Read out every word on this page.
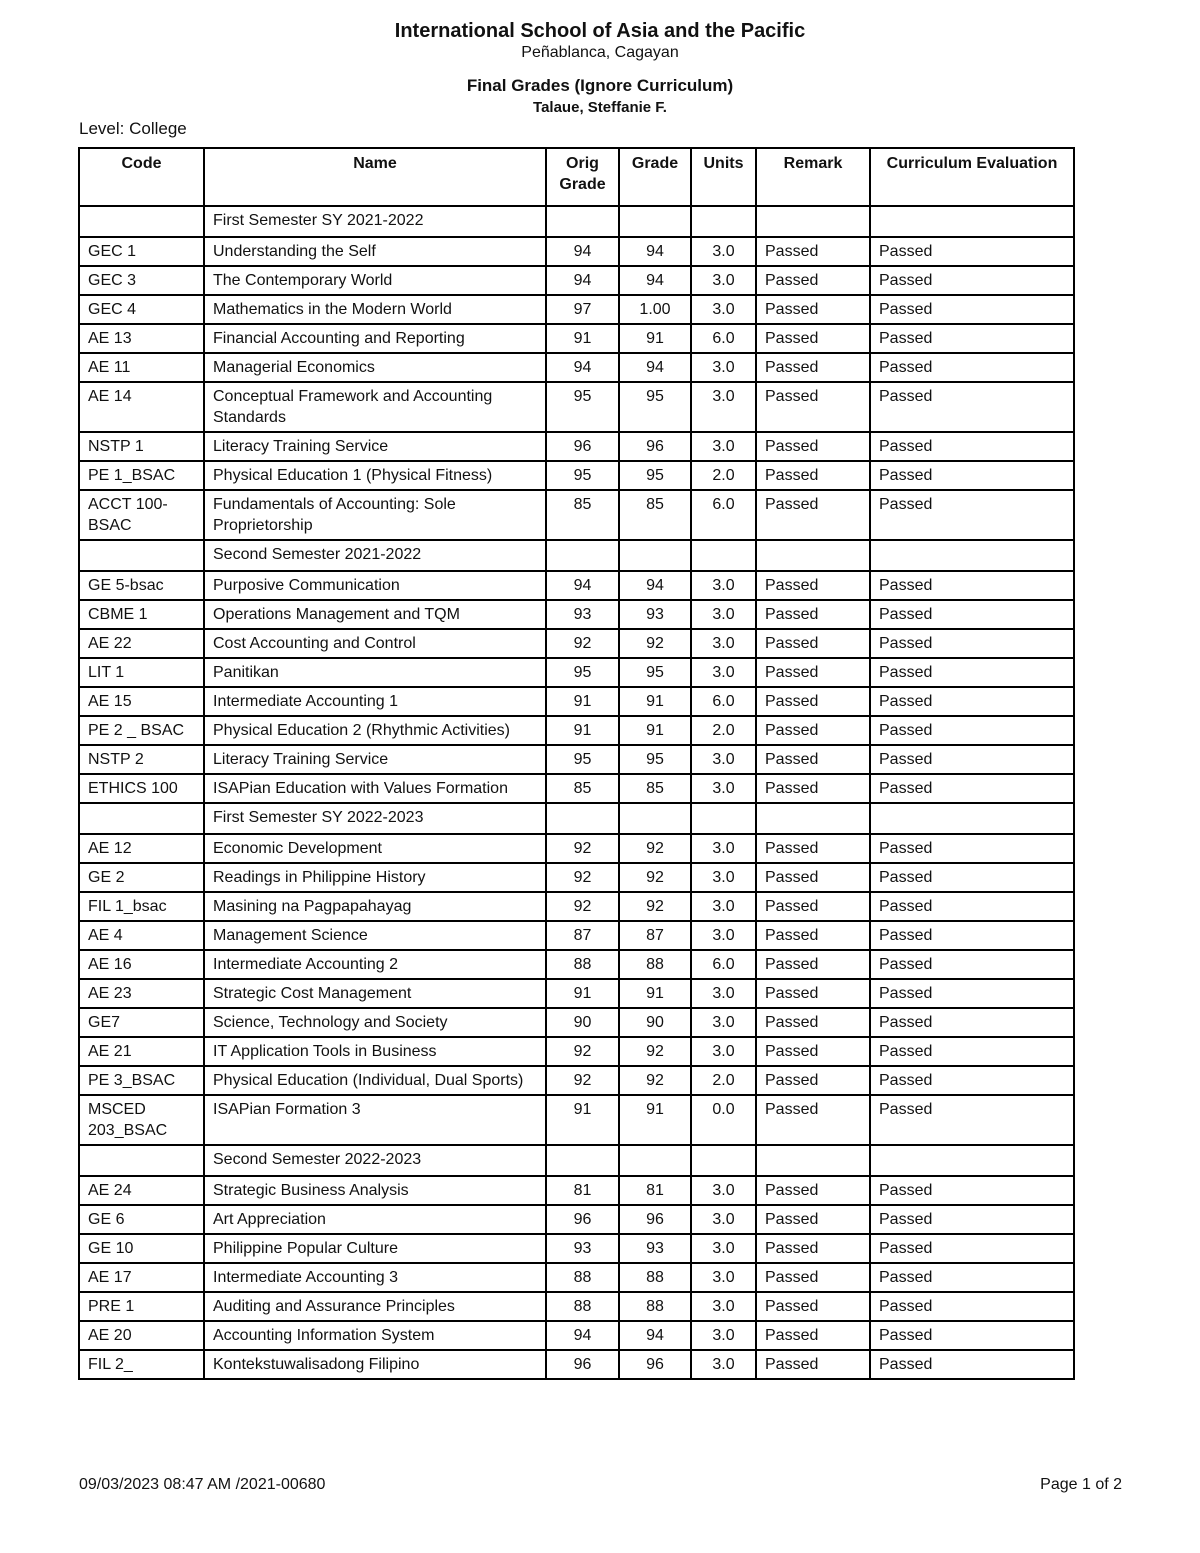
International School of Asia and the Pacific
Peñablanca, Cagayan
Final Grades (Ignore Curriculum)
Talaue, Steffanie F.
Level: College
Code	Name	Orig Grade	Grade	Units	Remark	Curriculum Evaluation
	First Semester SY 2021-2022					
GEC 1	Understanding the Self	94	94	3.0	Passed	Passed
GEC 3	The Contemporary World	94	94	3.0	Passed	Passed
GEC 4	Mathematics in the Modern World	97	1.00	3.0	Passed	Passed
AE 13	Financial Accounting and Reporting	91	91	6.0	Passed	Passed
AE 11	Managerial Economics	94	94	3.0	Passed	Passed
AE 14	Conceptual Framework and Accounting Standards	95	95	3.0	Passed	Passed
NSTP 1	Literacy Training Service	96	96	3.0	Passed	Passed
PE 1_BSAC	Physical Education 1 (Physical Fitness)	95	95	2.0	Passed	Passed
ACCT 100-BSAC	Fundamentals of Accounting: Sole Proprietorship	85	85	6.0	Passed	Passed
	Second Semester 2021-2022					
GE 5-bsac	Purposive Communication	94	94	3.0	Passed	Passed
CBME 1	Operations Management and TQM	93	93	3.0	Passed	Passed
AE 22	Cost Accounting and Control	92	92	3.0	Passed	Passed
LIT 1	Panitikan	95	95	3.0	Passed	Passed
AE 15	Intermediate Accounting 1	91	91	6.0	Passed	Passed
PE 2 _ BSAC	Physical Education 2 (Rhythmic Activities)	91	91	2.0	Passed	Passed
NSTP 2	Literacy Training Service	95	95	3.0	Passed	Passed
ETHICS 100	ISAPian Education with Values Formation	85	85	3.0	Passed	Passed
	First Semester SY 2022-2023					
AE 12	Economic Development	92	92	3.0	Passed	Passed
GE 2	Readings in Philippine History	92	92	3.0	Passed	Passed
FIL 1_bsac	Masining na Pagpapahayag	92	92	3.0	Passed	Passed
AE 4	Management Science	87	87	3.0	Passed	Passed
AE 16	Intermediate Accounting 2	88	88	6.0	Passed	Passed
AE 23	Strategic Cost Management	91	91	3.0	Passed	Passed
GE7	Science, Technology and Society	90	90	3.0	Passed	Passed
AE 21	IT Application Tools in Business	92	92	3.0	Passed	Passed
PE 3_BSAC	Physical Education (Individual, Dual Sports)	92	92	2.0	Passed	Passed
MSCED 203_BSAC	ISAPian Formation 3	91	91	0.0	Passed	Passed
	Second Semester 2022-2023					
AE 24	Strategic Business Analysis	81	81	3.0	Passed	Passed
GE 6	Art Appreciation	96	96	3.0	Passed	Passed
GE 10	Philippine Popular Culture	93	93	3.0	Passed	Passed
AE 17	Intermediate Accounting 3	88	88	3.0	Passed	Passed
PRE 1	Auditing and Assurance Principles	88	88	3.0	Passed	Passed
AE 20	Accounting Information System	94	94	3.0	Passed	Passed
FIL 2_	Kontekstuwalisadong Filipino	96	96	3.0	Passed	Passed
09/03/2023 08:47 AM /2021-00680	Page 1 of 2
